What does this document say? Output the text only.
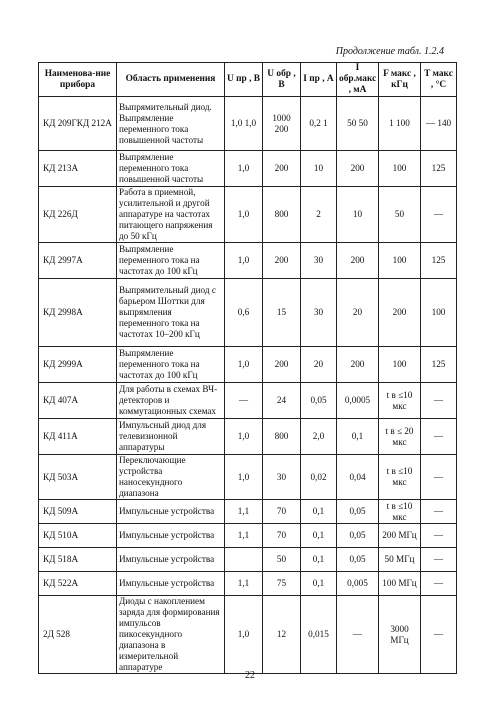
Продолжение табл. 1.2.4
Наименова-ние прибора	Область применения	U пр , В	U обр , В	I пр , А	I обр.макс , мА	F макс , кГц	T макс , °С
КД 209ГКД 212А	Выпрямительный диод. Выпрямление переменного тока повышенной частоты	1,0 1,0	1000 200	0,2 1	50 50	1 100	— 140
КД 213А	Выпрямление переменного тока повышенной частоты	1,0	200	10	200	100	125
КД 226Д	Работа в приемной, усилительной и другой аппаратуре на частотах питающего напряжения до 50 кГц	1,0	800	2	10	50	—
КД 2997А	Выпрямление переменного тока на частотах до 100 кГц	1,0	200	30	200	100	125
КД 2998А	Выпрямительный диод с барьером Шоттки для выпрямления переменного тока на частотах 10–200 кГц	0,6	15	30	20	200	100
КД 2999А	Выпрямление переменного тока на частотах до 100 кГц	1,0	200	20	200	100	125
КД 407А	Для работы в схемах ВЧ-детекторов и коммутационных схемах	—	24	0,05	0,0005	t в ≤10 мкс	—
КД 411А	Импульсный диод для телевизионной аппаратуры	1,0	800	2,0	0,1	t в ≤ 20 мкс	—
КД 503А	Переключающие устройства наносекундного диапазона	1,0	30	0,02	0,04	t в ≤10 мкс	—
КД 509А	Импульсные устройства	1,1	70	0,1	0,05	t в ≤10 мкс	—
КД 510А	Импульсные устройства	1,1	70	0,1	0,05	200 МГц	—
КД 518А	Импульсные устройства		50	0,1	0,05	50 МГц	—
КД 522А	Импульсные устройства	1,1	75	0,1	0,005	100 МГц	—
2Д 528	Диоды с накоплением заряда для формирования импульсов пикосекундного диапазона в измерительной аппаратуре	1,0	12	0,015	—	3000 МГц	—
22
